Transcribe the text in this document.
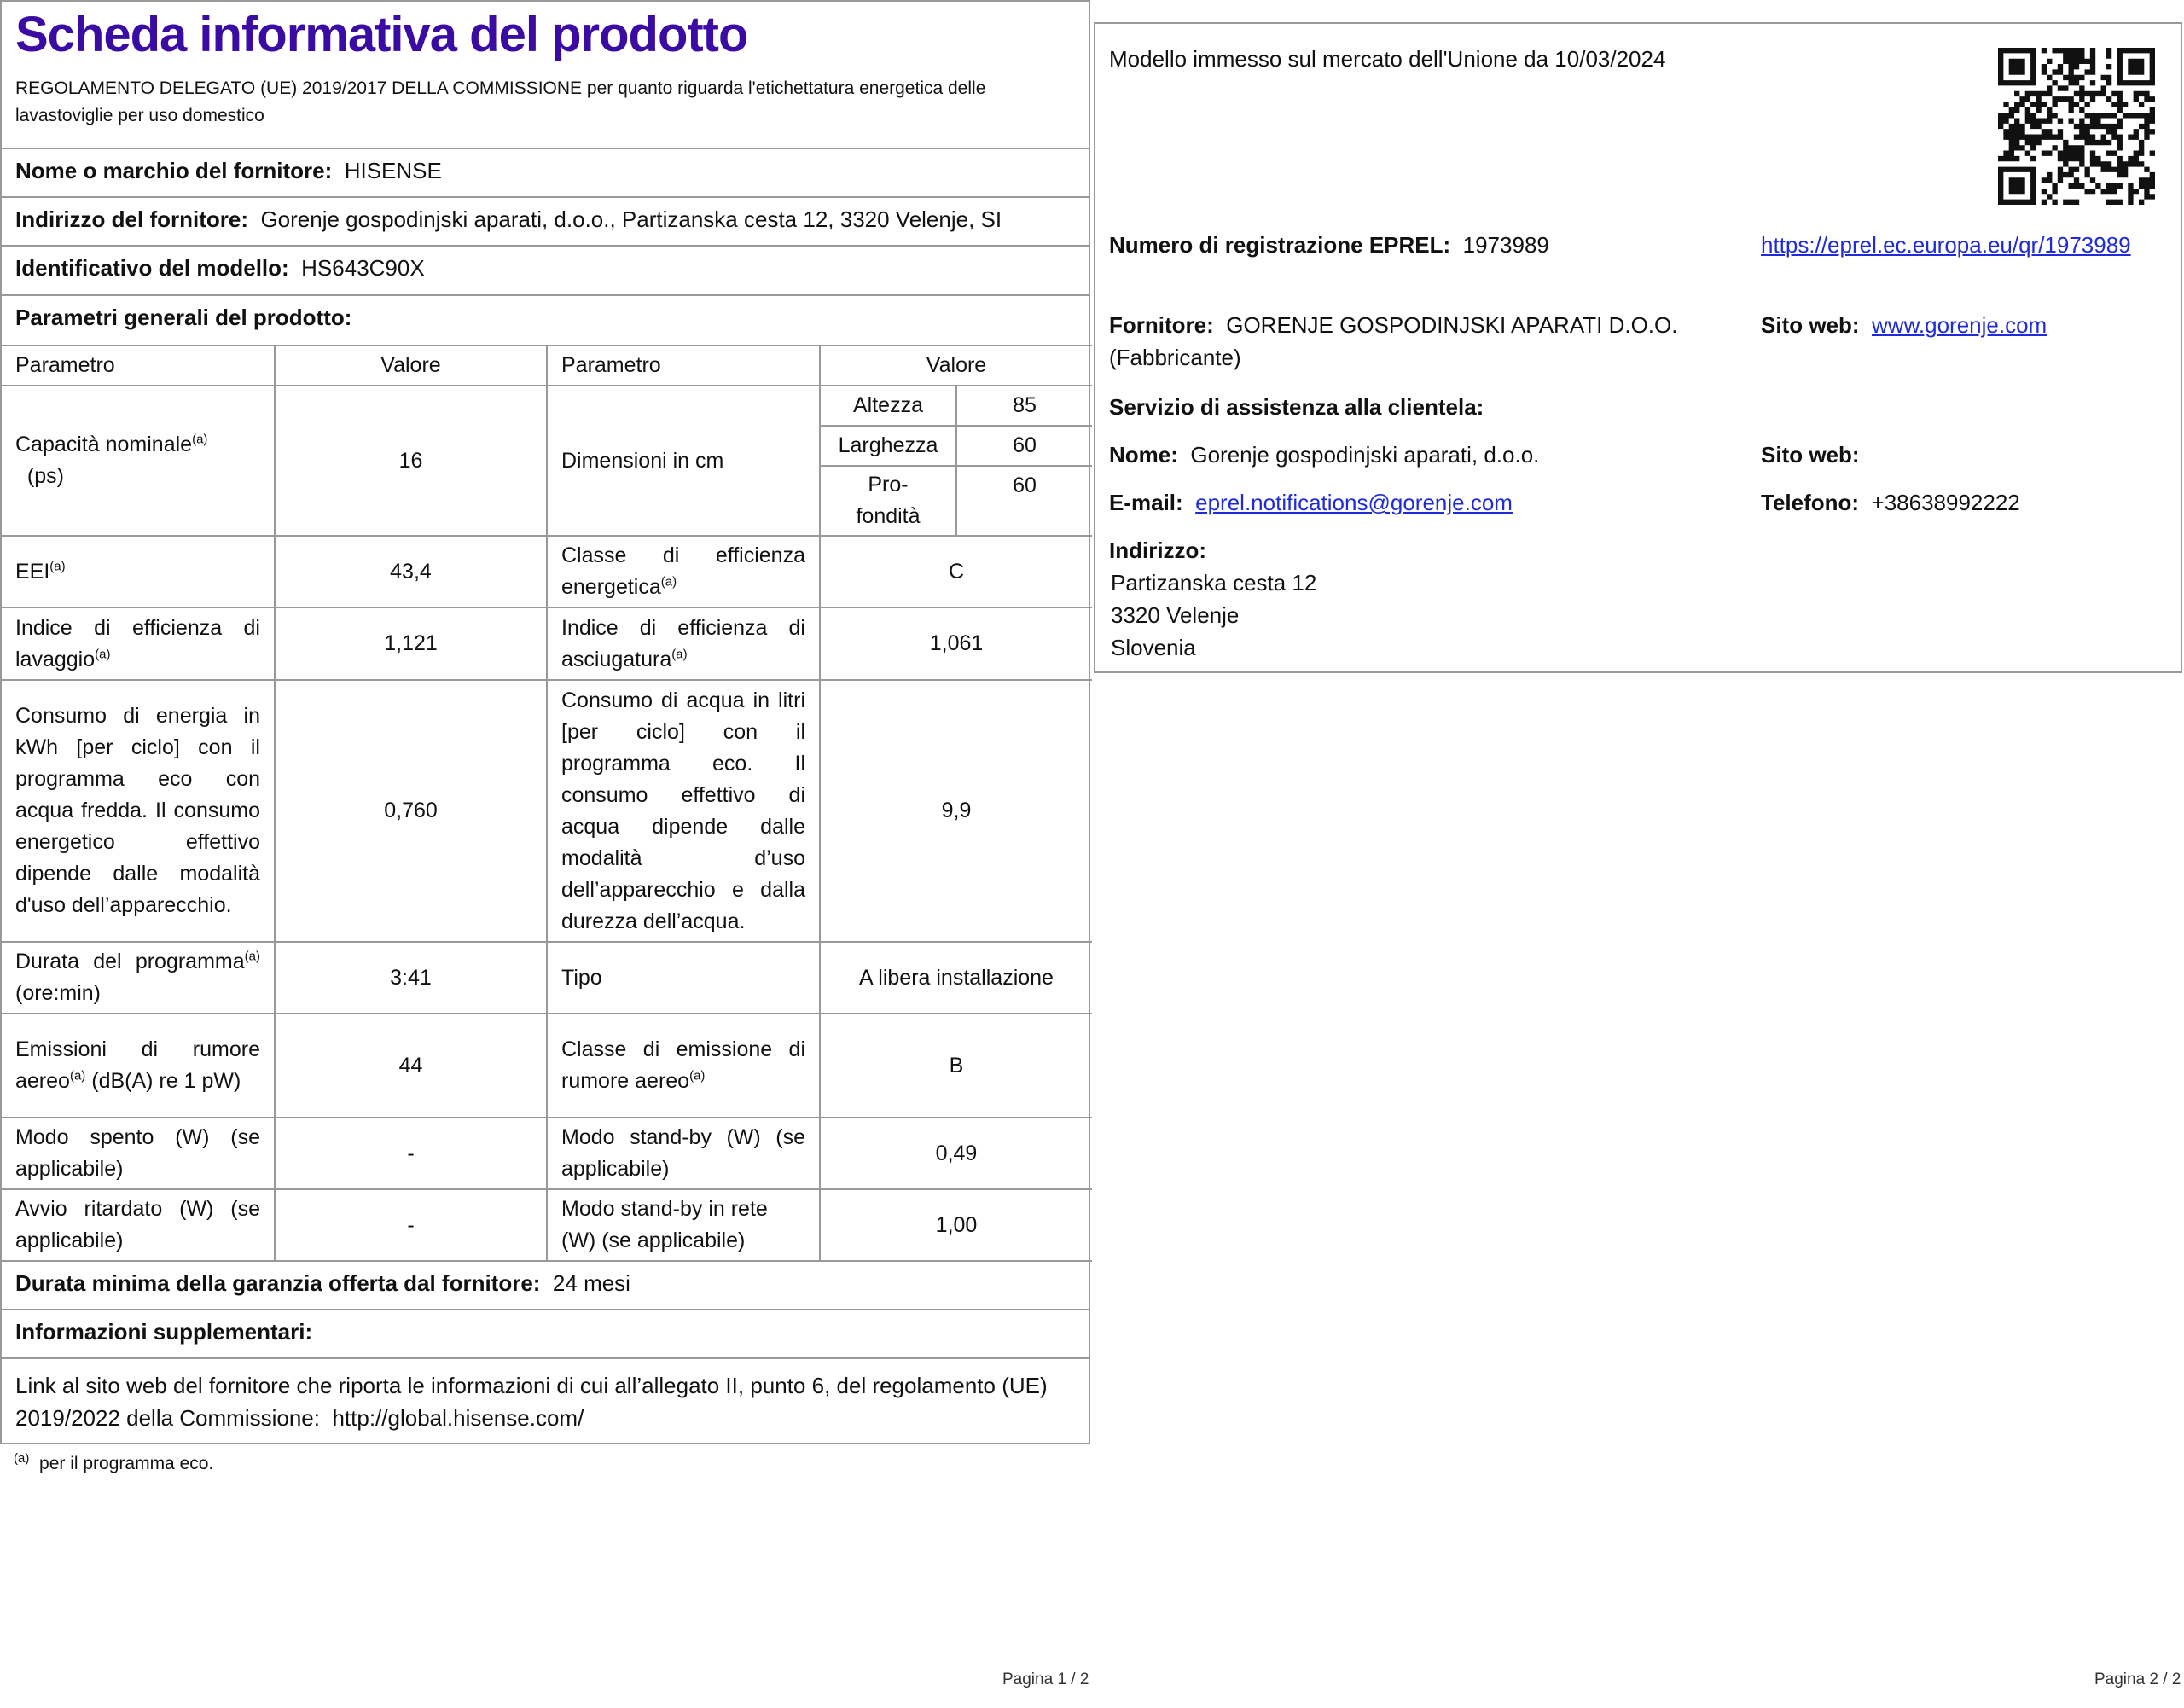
Scheda informativa del prodotto

REGOLAMENTO DELEGATO (UE) 2019/2017 DELLA COMMISSIONE per quanto riguarda l'etichettatura energetica delle lavastoviglie per uso domestico

Nome o marchio del fornitore: HISENSE
Indirizzo del fornitore: Gorenje gospodinjski aparati, d.o.o., Partizanska cesta 12, 3320 Velenje, SI
Identificativo del modello: HS643C90X
Parametri generali del prodotto:
Parametro	Valore	Parametro	Valore	
Capacità nominale$^{(a)}$
(ps)	16	Dimensioni in cm	Altezza	85
			Larghezza	60
			Pro-fondità	60
EEI$^{(a)}$	43,4	Classe di efficienza energetica$^{(a)}$	C	
Indice di efficienza di lavaggio$^{(a)}$	1,121	Indice di efficienza di asciugatura$^{(a)}$	1,061	
Consumo di energia in kWh [per ciclo] con il programma eco con acqua fredda. Il consumo energetico effettivo dipende dalle modalità d'uso dell’apparecchio.	0,760	Consumo di acqua in litri [per ciclo] con il programma eco. Il consumo effettivo di acqua dipende dalle modalità d’uso dell’apparecchio e dalla durezza dell’acqua.	9,9	
Durata del programma$^{(a)}$ (ore:min)	3:41	Tipo	A libera installazione	
Emissioni di rumore aereo$^{(a)}$ (dB(A) re 1 pW)	44	Classe di emissione di rumore aereo$^{(a)}$	B	
Modo spento (W) (se applicabile)	-	Modo stand-by (W) (se applicabile)	0,49	
Avvio ritardato (W) (se applicabile)	-	Modo stand-by in rete (W) (se applicabile)	1,00	
Durata minima della garanzia offerta dal fornitore: 24 mesi
Informazioni supplementari:
Link al sito web del fornitore che riporta le informazioni di cui all’allegato II, punto 6, del regolamento (UE) 2019/2022 della Commissione: http://global.hisense.com/
$^{(a)}$ per il programma eco.
Pagina 1 / 2
Modello immesso sul mercato dell'Unione da 10/03/2024
Numero di registrazione EPREL: 1973989	https://eprel.ec.europa.eu/qr/1973989
Fornitore: GORENJE GOSPODINJSKI APARATI D.O.O. (Fabbricante)
Sito web: www.gorenje.com
Servizio di assistenza alla clientela:
Nome: Gorenje gospodinjski aparati, d.o.o.	Sito web:
E-mail: eprel.notifications@gorenje.com	Telefono: +38638992222
Indirizzo:
Partizanska cesta 12
3320 Velenje
Slovenia
Pagina 2 / 2
